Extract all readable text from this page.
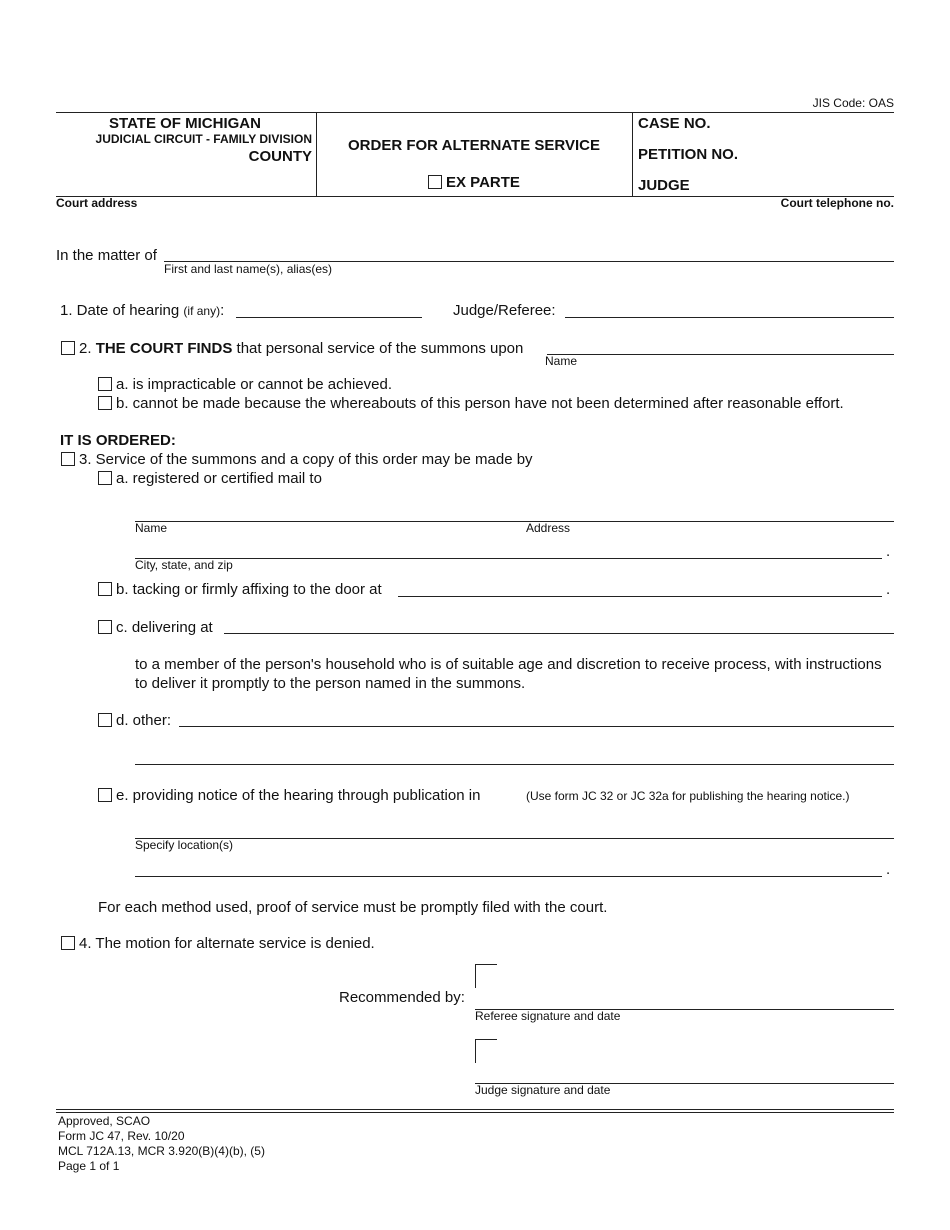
JIS Code: OAS
STATE OF MICHIGAN
JUDICIAL CIRCUIT - FAMILY DIVISION
COUNTY
ORDER FOR ALTERNATE SERVICE
EX PARTE
CASE NO.
PETITION NO.
JUDGE
Court address	Court telephone no.
In the matter of
First and last name(s), alias(es)
1. Date of hearing (if any):	Judge/Referee:
2. THE COURT FINDS that personal service of the summons upon
Name
a. is impracticable or cannot be achieved.
b. cannot be made because the whereabouts of this person have not been determined after reasonable effort.
IT IS ORDERED:
3. Service of the summons and a copy of this order may be made by
a. registered or certified mail to
Name	Address
.
City, state, and zip
b. tacking or firmly affixing to the door at	.
c. delivering at
to a member of the person's household who is of suitable age and discretion to receive process, with instructions
to deliver it promptly to the person named in the summons.
d. other:
e. providing notice of the hearing through publication in	(Use form JC 32 or JC 32a for publishing the hearing notice.)
Specify location(s)
.
For each method used, proof of service must be promptly filed with the court.
4. The motion for alternate service is denied.
Recommended by:
Referee signature and date
Judge signature and date
Approved, SCAO
Form JC 47, Rev. 10/20
MCL 712A.13, MCR 3.920(B)(4)(b), (5)
Page 1 of 1
